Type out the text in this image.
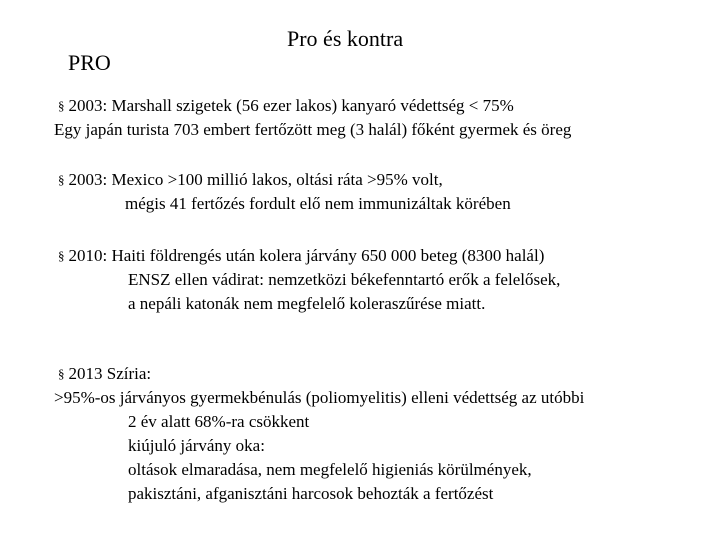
Pro és kontra
PRO
§ 2003: Marshall szigetek (56 ezer lakos) kanyaró védettség < 75%
Egy japán turista 703 embert fertőzött meg (3 halál) főként gyermek és öreg
§ 2003: Mexico >100 millió lakos, oltási ráta >95% volt,
mégis 41 fertőzés fordult elő nem immunizáltak körében
§ 2010: Haiti földrengés után kolera járvány 650 000 beteg (8300 halál)
ENSZ ellen vádirat: nemzetközi békefenntartó erők a felelősek,
a nepáli katonák nem megfelelő koleraszűrése miatt.
§ 2013 Szíria:
>95%-os járványos gyermekbénulás (poliomyelitis) elleni védettség az utóbbi
2 év alatt 68%-ra csökkent
kiújuló járvány oka:
oltások elmaradása, nem megfelelő higieniás körülmények,
pakisztáni, afganisztáni harcosok behozták a fertőzést
